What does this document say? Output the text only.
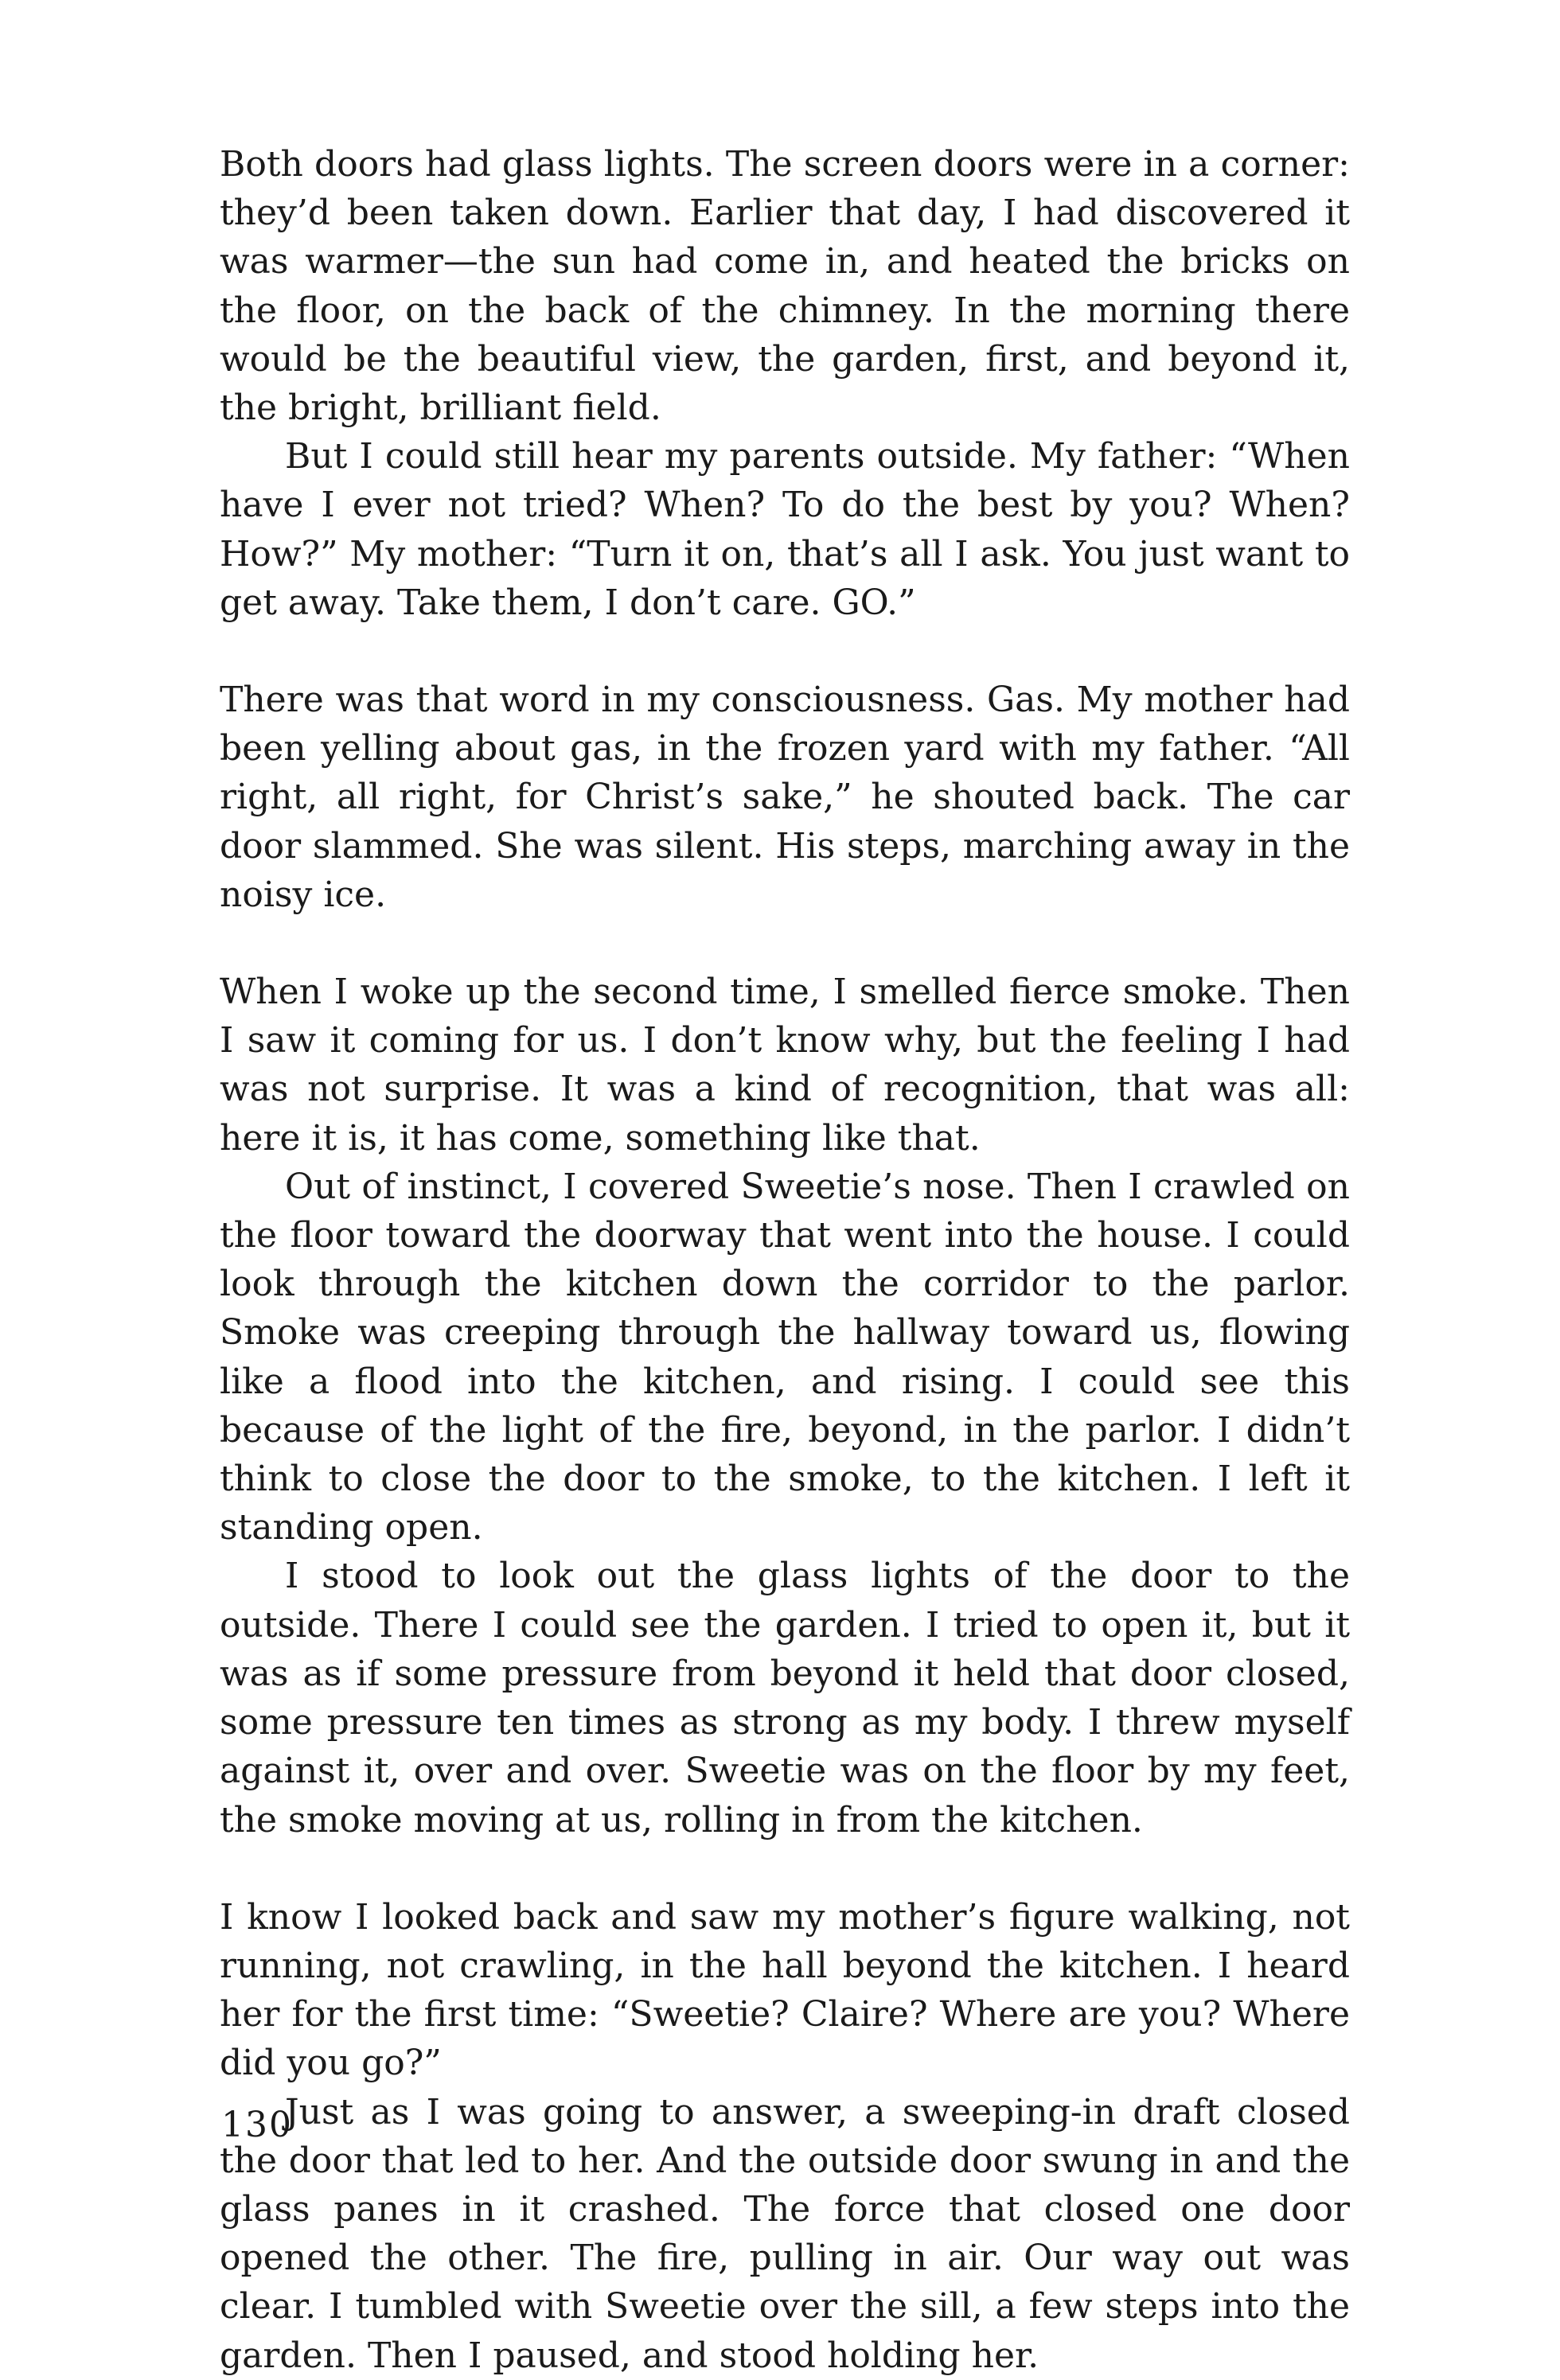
Both doors had glass lights. The screen doors were in a corner: they’d been taken down. Earlier that day, I had discovered it was warmer—the sun had come in, and heated the bricks on the floor, on the back of the chimney. In the morning there would be the beautiful view, the garden, first, and beyond it, the bright, brilliant field.

But I could still hear my parents outside. My father: “When have I ever not tried? When? To do the best by you? When? How?” My mother: “Turn it on, that’s all I ask. You just want to get away. Take them, I don’t care. GO.”

There was that word in my consciousness. Gas. My mother had been yelling about gas, in the frozen yard with my father. “All right, all right, for Christ’s sake,” he shouted back. The car door slammed. She was silent. His steps, marching away in the noisy ice.

When I woke up the second time, I smelled fierce smoke. Then I saw it coming for us. I don’t know why, but the feeling I had was not surprise. It was a kind of recognition, that was all: here it is, it has come, something like that.

Out of instinct, I covered Sweetie’s nose. Then I crawled on the floor toward the doorway that went into the house. I could look through the kitchen down the corridor to the parlor. Smoke was creeping through the hallway toward us, flowing like a flood into the kitchen, and rising. I could see this because of the light of the fire, beyond, in the parlor. I didn’t think to close the door to the smoke, to the kitchen. I left it standing open.

I stood to look out the glass lights of the door to the outside. There I could see the garden. I tried to open it, but it was as if some pressure from beyond it held that door closed, some pressure ten times as strong as my body. I threw myself against it, over and over. Sweetie was on the floor by my feet, the smoke moving at us, rolling in from the kitchen.

I know I looked back and saw my mother’s figure walking, not running, not crawling, in the hall beyond the kitchen. I heard her for the first time: “Sweetie? Claire? Where are you? Where did you go?”

Just as I was going to answer, a sweeping-in draft closed the door that led to her. And the outside door swung in and the glass panes in it crashed. The force that closed one door opened the other. The fire, pulling in air. Our way out was clear. I tumbled with Sweetie over the sill, a few steps into the garden. Then I paused, and stood holding her.

130
